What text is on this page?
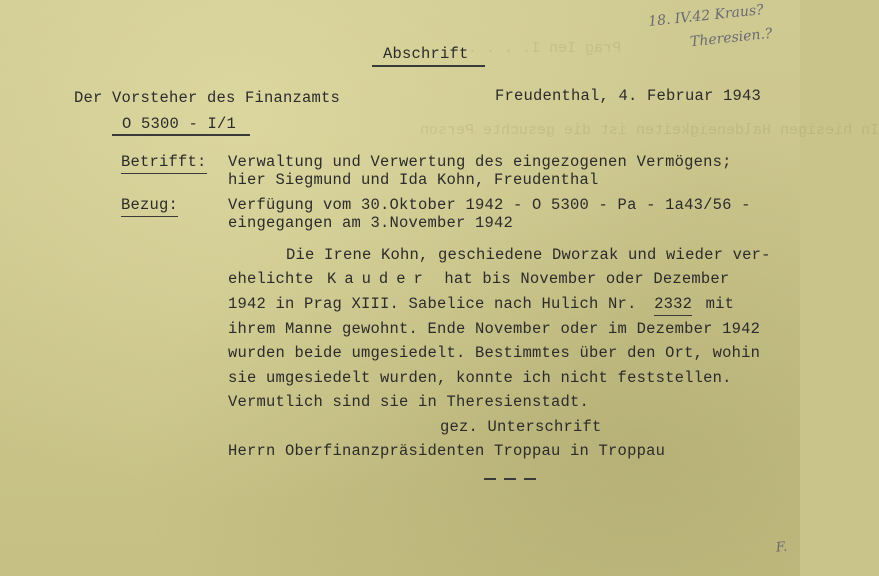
Prag Ien I. . . . .
In hiesigen Haldeneigkeiten ist die gesuchte Person
18. IV.42 Kraus?
Theresien.?
Abschrift
Der Vorsteher des Finanzamts	Freudenthal, 4. Februar 1943
O 5300 - I/1
Betrifft: Verwaltung und Verwertung des eingezogenen Vermögens;
hier Siegmund und Ida Kohn, Freudenthal
Bezug:	Verfügung vom 30.Oktober 1942 - O 5300 - Pa - 1a43/56 -
eingegangen am 3.November 1942
Die Irene Kohn, geschiedene Dworzak und wieder ver-
ehelichte Kauder hat bis November oder Dezember
1942 in Prag XIII. Sabelice nach Hulich Nr. 2332 mit
ihrem Manne gewohnt. Ende November oder im Dezember 1942
wurden beide umgesiedelt. Bestimmtes über den Ort, wohin
sie umgesiedelt wurden, konnte ich nicht feststellen.
Vermutlich sind sie in Theresienstadt.
gez. Unterschrift
Herrn Oberfinanzpräsidenten Troppau in Troppau
F.
